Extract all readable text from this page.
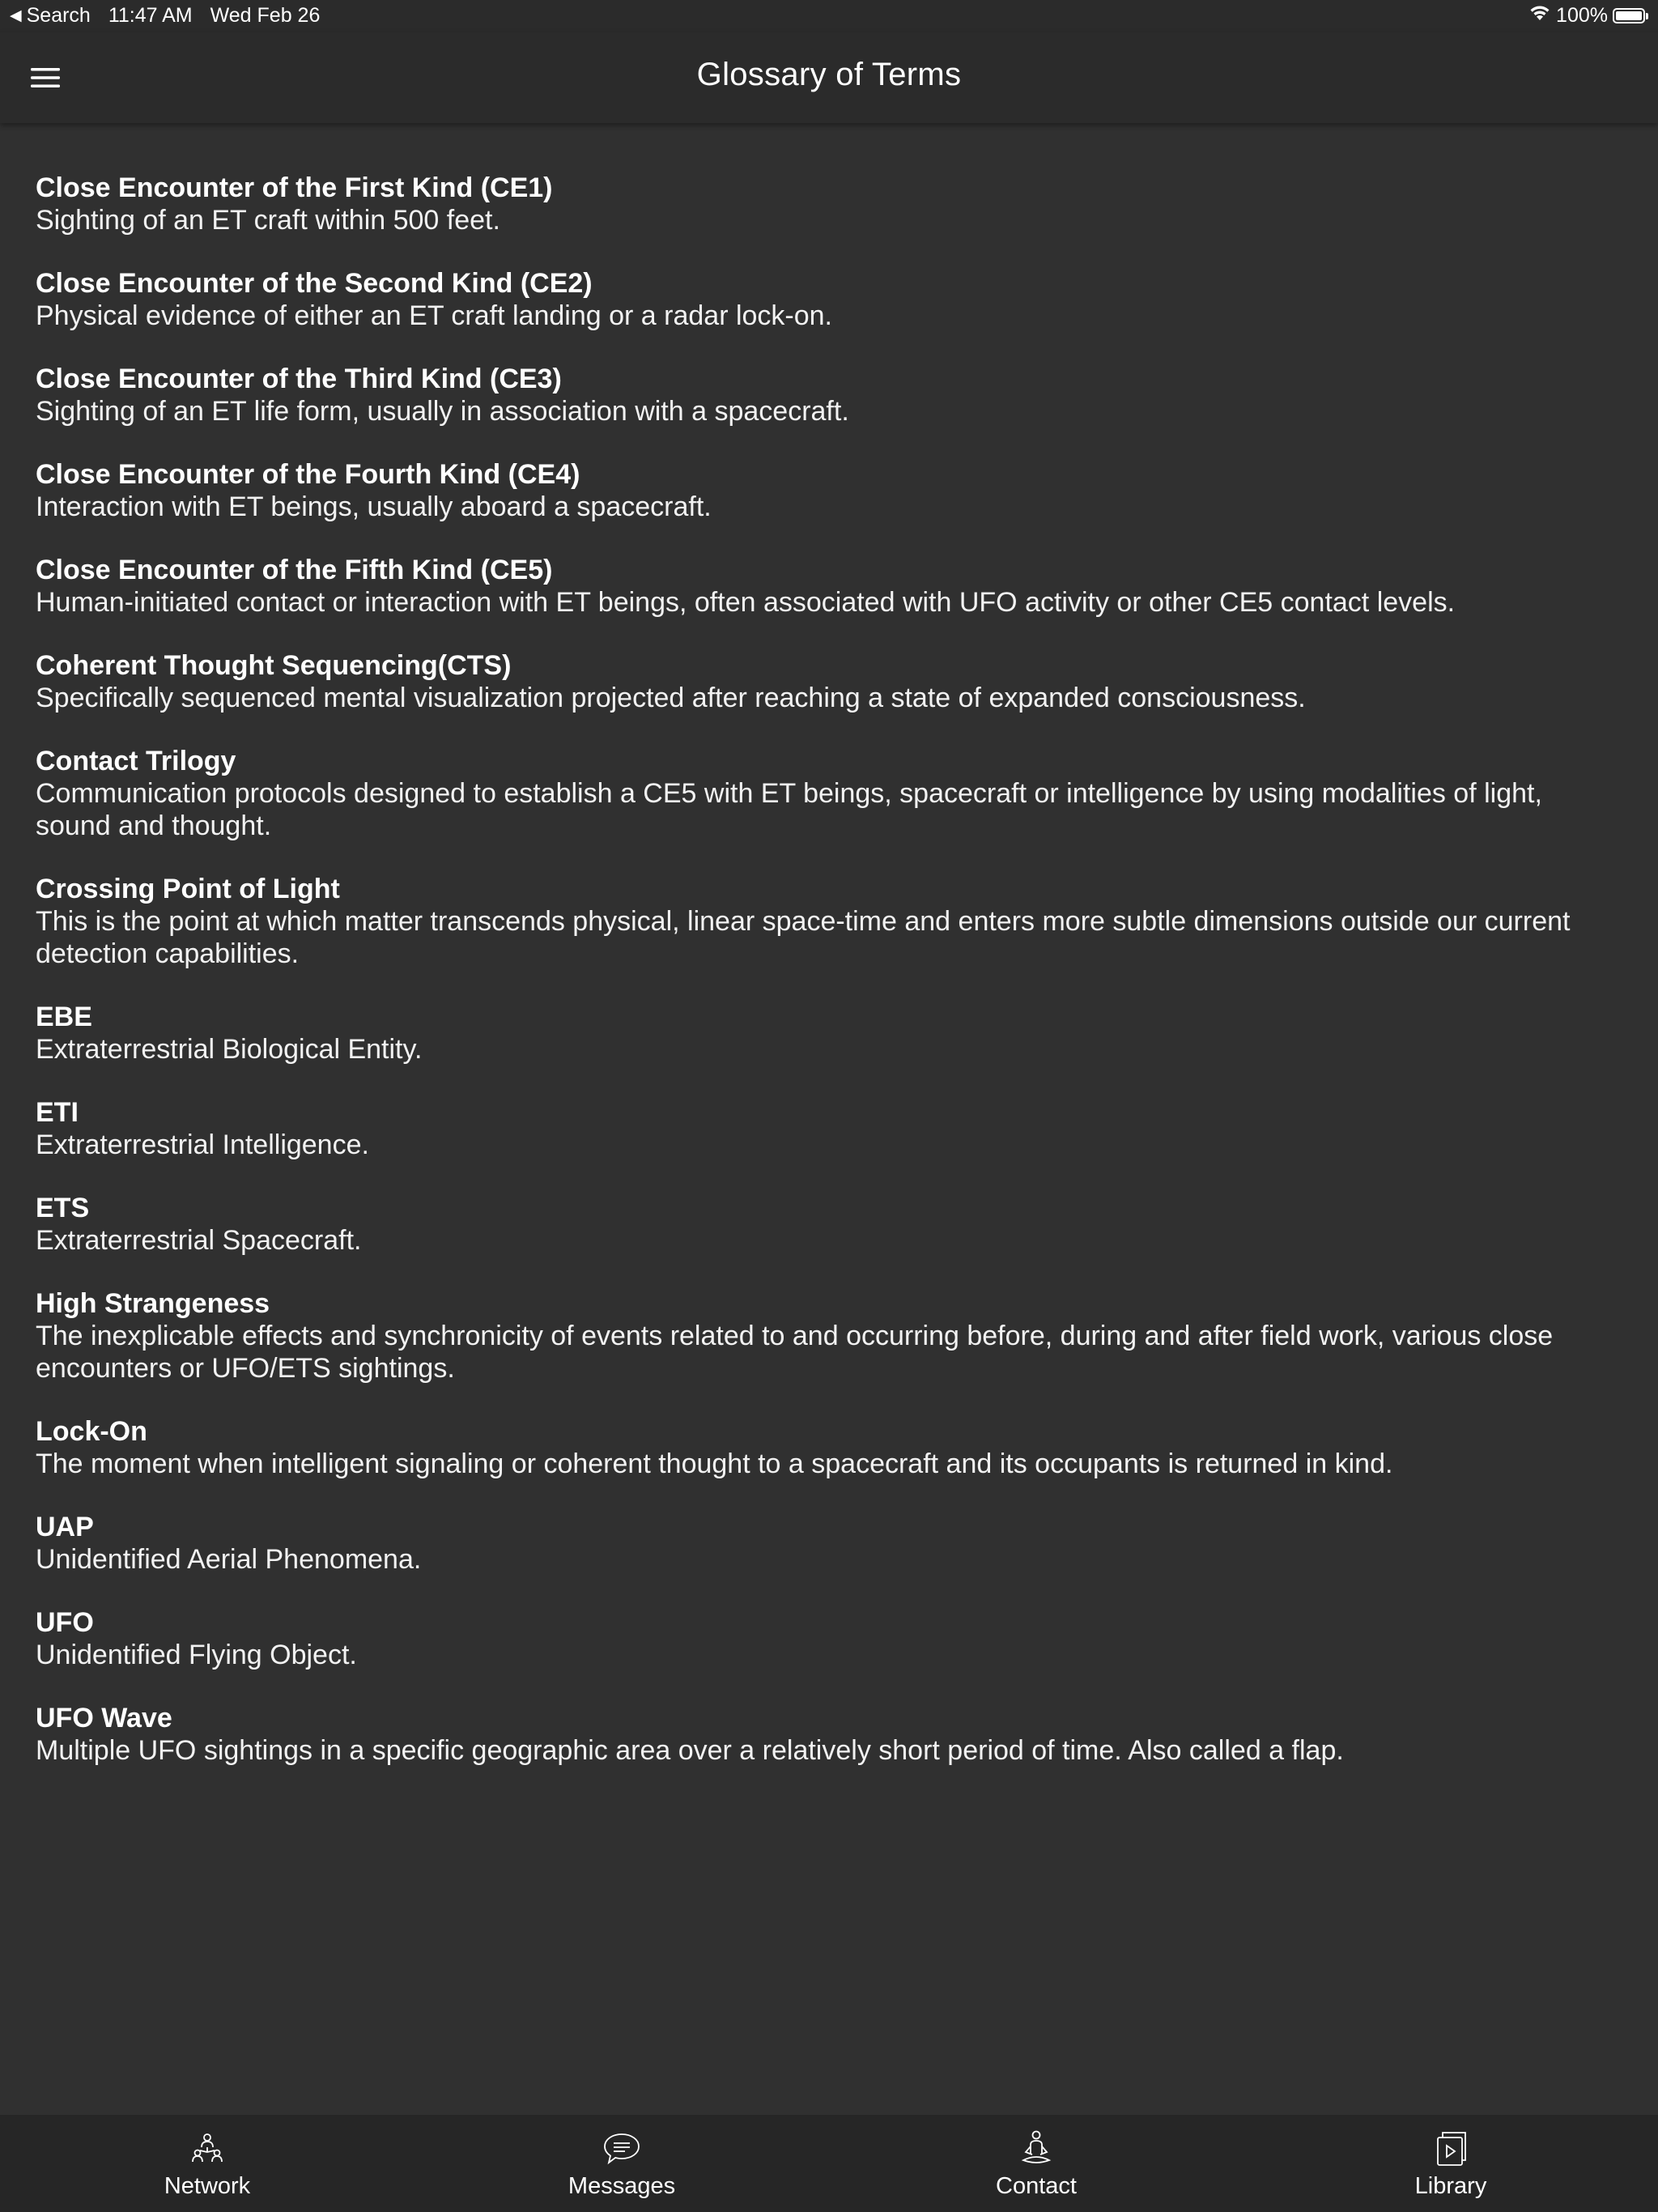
◀ Search 11:47 AM Wed Feb 26	100%
Glossary of Terms
Close Encounter of the First Kind (CE1)
Sighting of an ET craft within 500 feet.
Close Encounter of the Second Kind (CE2)
Physical evidence of either an ET craft landing or a radar lock-on.
Close Encounter of the Third Kind (CE3)
Sighting of an ET life form, usually in association with a spacecraft.
Close Encounter of the Fourth Kind (CE4)
Interaction with ET beings, usually aboard a spacecraft.
Close Encounter of the Fifth Kind (CE5)
Human-initiated contact or interaction with ET beings, often associated with UFO activity or other CE5 contact levels.
Coherent Thought Sequencing(CTS)
Specifically sequenced mental visualization projected after reaching a state of expanded consciousness.
Contact Trilogy
Communication protocols designed to establish a CE5 with ET beings, spacecraft or intelligence by using modalities of light, sound and thought.
Crossing Point of Light
This is the point at which matter transcends physical, linear space-time and enters more subtle dimensions outside our current detection capabilities.
EBE
Extraterrestrial Biological Entity.
ETI
Extraterrestrial Intelligence.
ETS
Extraterrestrial Spacecraft.
High Strangeness
The inexplicable effects and synchronicity of events related to and occurring before, during and after field work, various close encounters or UFO/ETS sightings.
Lock-On
The moment when intelligent signaling or coherent thought to a spacecraft and its occupants is returned in kind.
UAP
Unidentified Aerial Phenomena.
UFO
Unidentified Flying Object.
UFO Wave
Multiple UFO sightings in a specific geographic area over a relatively short period of time. Also called a flap.
Network	Messages	Contact	Library
